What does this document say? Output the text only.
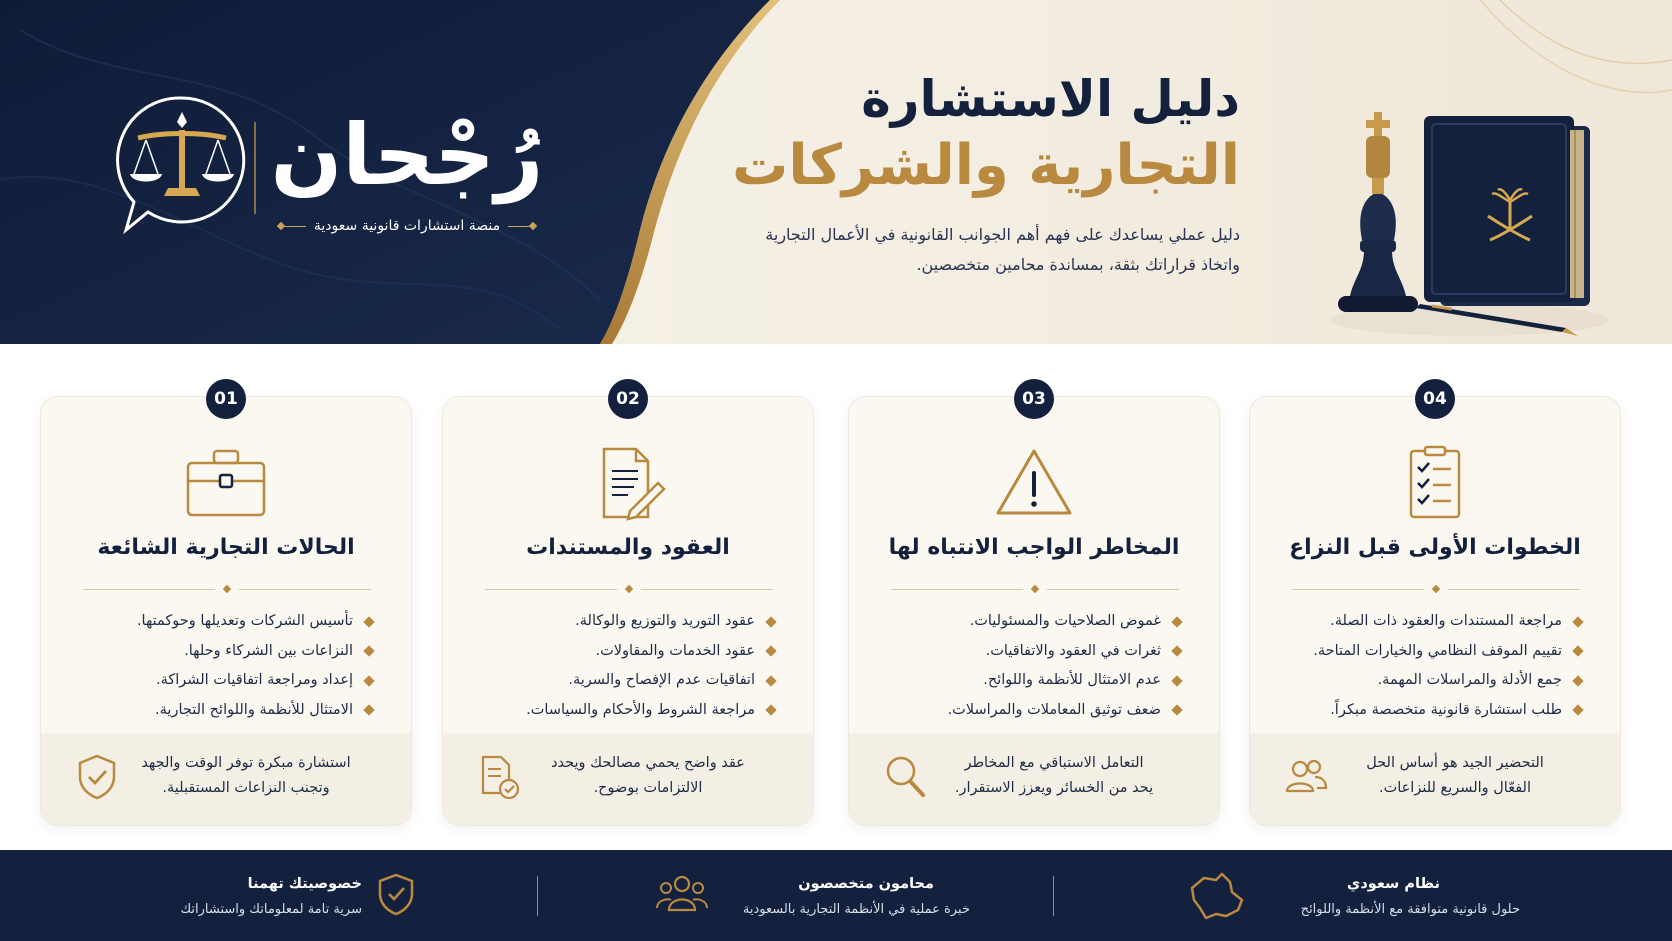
رُجْحان
منصة استشارات قانونية سعودية
دليل الاستشارة
التجارية والشركات
دليل عملي يساعدك على فهم أهم الجوانب القانونية في الأعمال التجارية
واتخاذ قراراتك بثقة، بمساندة محامين متخصصين.
04
الخطوات الأولى قبل النزاع
مراجعة المستندات والعقود ذات الصلة.
تقييم الموقف النظامي والخيارات المتاحة.
جمع الأدلة والمراسلات المهمة.
طلب استشارة قانونية متخصصة مبكراً.
التحضير الجيد هو أساس الحل
الفعّال والسريع للنزاعات.
03
المخاطر الواجب الانتباه لها
غموض الصلاحيات والمسئوليات.
ثغرات في العقود والاتفاقيات.
عدم الامتثال للأنظمة واللوائح.
ضعف توثيق المعاملات والمراسلات.
التعامل الاستباقي مع المخاطر
يحد من الخسائر ويعزز الاستقرار.
02
العقود والمستندات
عقود التوريد والتوزيع والوكالة.
عقود الخدمات والمقاولات.
اتفاقيات عدم الإفصاح والسرية.
مراجعة الشروط والأحكام والسياسات.
عقد واضح يحمي مصالحك ويحدد
الالتزامات بوضوح.
01
الحالات التجارية الشائعة
تأسيس الشركات وتعديلها وحوكمتها.
النزاعات بين الشركاء وحلها.
إعداد ومراجعة اتفاقيات الشراكة.
الامتثال للأنظمة واللوائح التجارية.
استشارة مبكرة توفر الوقت والجهد
وتجنب النزاعات المستقبلية.
نظام سعودي
حلول قانونية متوافقة مع الأنظمة واللوائح
محامون متخصصون
خبرة عملية في الأنظمة التجارية بالسعودية
خصوصيتك تهمنا
سرية تامة لمعلوماتك واستشاراتك
